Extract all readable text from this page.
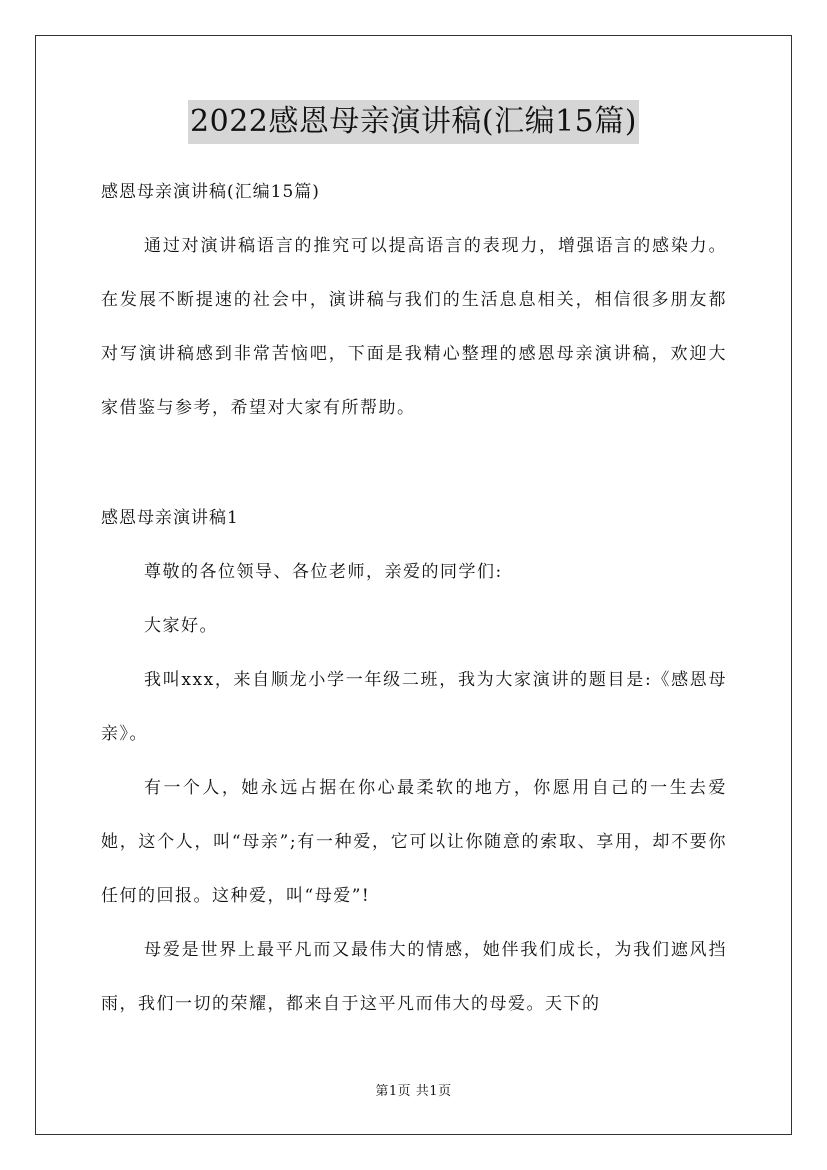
2022感恩母亲演讲稿(汇编15篇)
感恩母亲演讲稿(汇编15篇)

通过对演讲稿语言的推究可以提高语言的表现力，增强语言的感染力。在发展不断提速的社会中，演讲稿与我们的生活息息相关，相信很多朋友都对写演讲稿感到非常苦恼吧，下面是我精心整理的感恩母亲演讲稿，欢迎大家借鉴与参考，希望对大家有所帮助。

感恩母亲演讲稿1

尊敬的各位领导、各位老师，亲爱的同学们:

大家好。

我叫xxx，来自顺龙小学一年级二班，我为大家演讲的题目是:《感恩母亲》。

有一个人，她永远占据在你心最柔软的地方，你愿用自己的一生去爱她，这个人，叫“母亲”;有一种爱，它可以让你随意的索取、享用，却不要你任何的回报。这种爱，叫“母爱”!

母爱是世界上最平凡而又最伟大的情感，她伴我们成长，为我们遮风挡雨，我们一切的荣耀，都来自于这平凡而伟大的母爱。天下的

第1页 共1页
